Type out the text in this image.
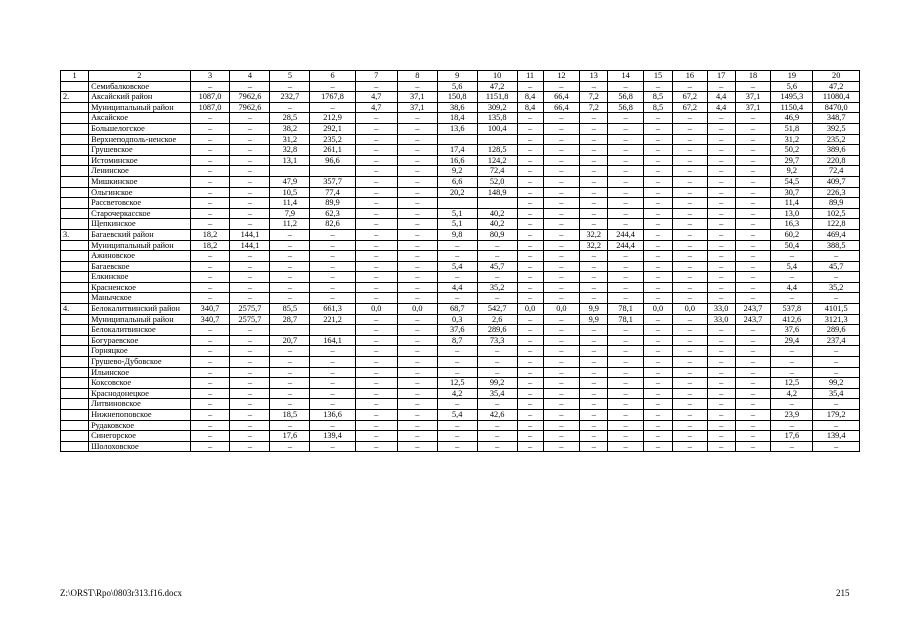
1	2	3	4	5	6	7	8	9	10	11	12	13	14	15	16	17	18	19	20
	Семибалковское	–	–	–	–	–	–	5,6	47,2	–	–	–	–	–	–	–	–	5,6	47,2
2.	Аксайский район	1087,0	7962,6	232,7	1767,8	4,7	37,1	150,8	1151,8	8,4	66,4	7,2	56,8	8,5	67,2	4,4	37,1	1495,3	11080,4
	Муниципальный район	1087,0	7962,6	–	–	4,7	37,1	38,6	309,2	8,4	66,4	7,2	56,8	8,5	67,2	4,4	37,1	1150,4	8470,0
	Аксайское	–	–	28,5	212,9	–	–	18,4	135,8	–	–	–	–	–	–	–	–	46,9	348,7
	Большелогское	–	–	38,2	292,1	–	–	13,6	100,4	–	–	–	–	–	–	–	–	51,8	392,5
	Верхнеподполь-ненское	–	–	31,2	235,2	–	–			–	–	–	–	–	–	–	–	31,2	235,2
	Грушевское	–	–	32,8	261,1	–	–	17,4	128,5	–	–	–	–	–	–	–	–	50,2	389,6
	Истоминское	–	–	13,1	96,6	–	–	16,6	124,2	–	–	–	–	–	–	–	–	29,7	220,8
	Ленинское	–	–			–	–	9,2	72,4	–	–	–	–	–	–	–	–	9,2	72,4
	Мишкинское	–	–	47,9	357,7	–	–	6,6	52,0	–	–	–	–	–	–	–	–	54,5	409,7
	Ольгинское	–	–	10,5	77,4	–	–	20,2	148,9	–	–	–	–	–	–	–	–	30,7	226,3
	Рассветовское	–	–	11,4	89,9	–	–			–	–	–	–	–	–	–	–	11,4	89,9
	Старочеркасское	–	–	7,9	62,3	–	–	5,1	40,2	–	–	–	–	–	–	–	–	13,0	102,5
	Щепкинское	–	–	11,2	82,6	–	–	5,1	40,2	–	–	–	–	–	–	–	–	16,3	122,8
3.	Багаевский район	18,2	144,1	–	–	–	–	9,8	80,9	–	–	32,2	244,4	–	–	–	–	60,2	469,4
	Муниципальный район	18,2	144,1	–	–	–	–	–	–	–	–	32,2	244,4	–	–	–	–	50,4	388,5
	Ажиновское	–	–	–	–	–	–	–	–	–	–	–	–	–	–	–	–	–	–
	Багаевское	–	–	–	–	–	–	5,4	45,7	–	–	–	–	–	–	–	–	5,4	45,7
	Елкинское	–	–	–	–	–	–	–	–	–	–	–	–	–	–	–	–	–	–
	Красненское	–	–	–	–	–	–	4,4	35,2	–	–	–	–	–	–	–	–	4,4	35,2
	Манычское	–	–	–	–	–	–	–	–	–	–	–	–	–	–	–	–	–	–
4.	Белокалитвинский район	340,7	2575,7	85,5	661,3	0,0	0,0	68,7	542,7	0,0	0,0	9,9	78,1	0,0	0,0	33,0	243,7	537,8	4101,5
	Муниципальный район	340,7	2575,7	28,7	221,2	–	–	0,3	2,6	–	–	9,9	78,1	–	–	33,0	243,7	412,6	3121,3
	Белокалитвинское	–	–			–	–	37,6	289,6	–	–	–	–	–	–	–	–	37,6	289,6
	Богураевское	–	–	20,7	164,1	–	–	8,7	73,3	–	–	–	–	–	–	–	–	29,4	237,4
	Горняцкое	–	–	–	–	–	–	–	–	–	–	–	–	–	–	–	–	–	–
	Грушево-Дубовское	–	–	–	–	–	–	–	–	–	–	–	–	–	–	–	–	–	–
	Ильинское	–	–	–	–	–	–	–	–	–	–	–	–	–	–	–	–	–	–
	Коксовское	–	–	–	–	–	–	12,5	99,2	–	–	–	–	–	–	–	–	12,5	99,2
	Краснодонецкое	–	–	–	–	–	–	4,2	35,4	–	–	–	–	–	–	–	–	4,2	35,4
	Литвиновское	–	–	–	–	–	–	–	–	–	–	–	–	–	–	–	–	–	–
	Нижнепоповское	–	–	18,5	136,6	–	–	5,4	42,6	–	–	–	–	–	–	–	–	23,9	179,2
	Рудаковское	–	–	–	–	–	–	–	–	–	–	–	–	–	–	–	–	–	–
	Синегорское	–	–	17,6	139,4	–	–	–	–	–	–	–	–	–	–	–	–	17,6	139,4
	Шолоховское	–	–	–	–	–	–	–	–	–	–	–	–	–	–	–	–	–	–
Z:\ORST\Rpo\0803r313.f16.docx	215
